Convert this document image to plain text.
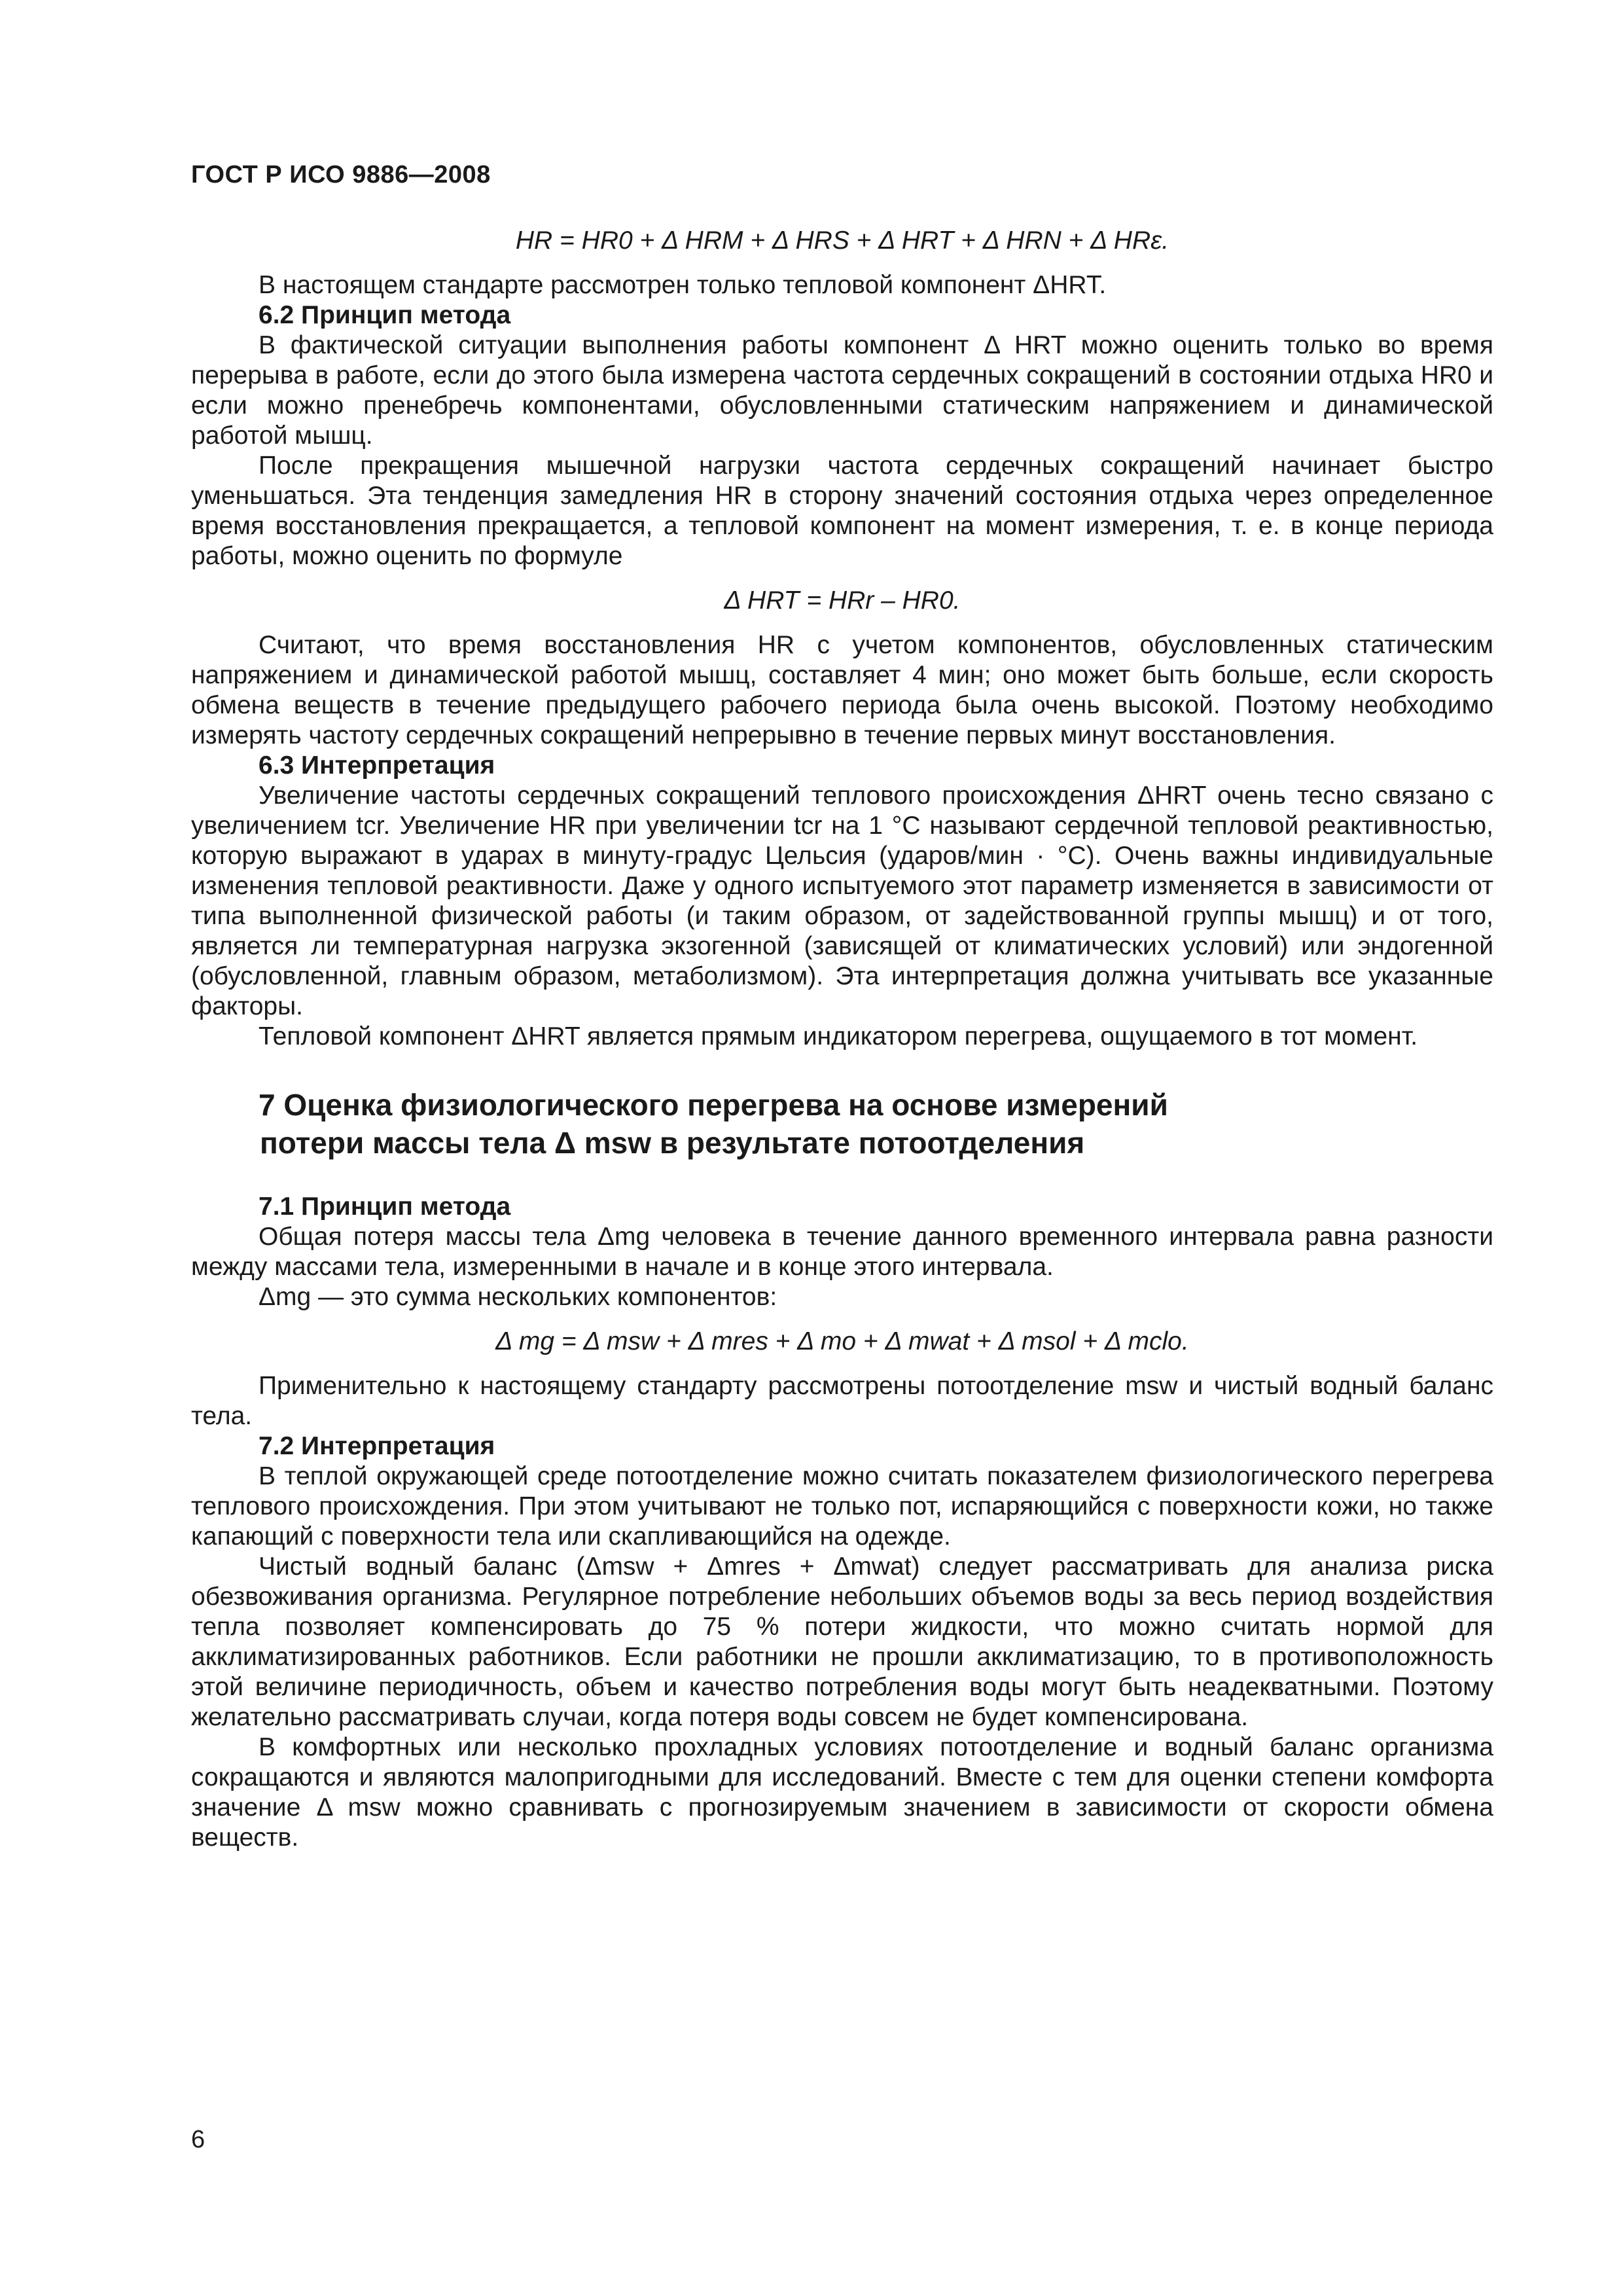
ГОСТ Р ИСО 9886—2008

HR = HR0 + Δ HRM + Δ HRS + Δ HRT + Δ HRN + Δ HRε.

В настоящем стандарте рассмотрен только тепловой компонент ΔHRT.

6.2 Принцип метода

В фактической ситуации выполнения работы компонент Δ HRT можно оценить только во время перерыва в работе, если до этого была измерена частота сердечных сокращений в состоянии отдыха HR0 и если можно пренебречь компонентами, обусловленными статическим напряжением и динамической работой мышц.

После прекращения мышечной нагрузки частота сердечных сокращений начинает быстро уменьшаться. Эта тенденция замедления HR в сторону значений состояния отдыха через определенное время восстановления прекращается, а тепловой компонент на момент измерения, т. е. в конце периода работы, можно оценить по формуле

Δ HRT = HRr – HR0.

Считают, что время восстановления HR с учетом компонентов, обусловленных статическим напряжением и динамической работой мышц, составляет 4 мин; оно может быть больше, если скорость обмена веществ в течение предыдущего рабочего периода была очень высокой. Поэтому необходимо измерять частоту сердечных сокращений непрерывно в течение первых минут восстановления.

6.3 Интерпретация

Увеличение частоты сердечных сокращений теплового происхождения ΔHRT очень тесно связано с увеличением tcr. Увеличение HR при увеличении tcr на 1 °C называют сердечной тепловой реактивностью, которую выражают в ударах в минуту-градус Цельсия (ударов/мин · °C). Очень важны индивидуальные изменения тепловой реактивности. Даже у одного испытуемого этот параметр изменяется в зависимости от типа выполненной физической работы (и таким образом, от задействованной группы мышц) и от того, является ли температурная нагрузка экзогенной (зависящей от климатических условий) или эндогенной (обусловленной, главным образом, метаболизмом). Эта интерпретация должна учитывать все указанные факторы.

Тепловой компонент ΔHRT является прямым индикатором перегрева, ощущаемого в тот момент.

7 Оценка физиологического перегрева на основе измерений
потери массы тела Δ msw в результате потоотделения

7.1 Принцип метода

Общая потеря массы тела Δmg человека в течение данного временного интервала равна разности между массами тела, измеренными в начале и в конце этого интервала.

Δmg — это сумма нескольких компонентов:

Δ mg = Δ msw + Δ mres + Δ mo + Δ mwat + Δ msol + Δ mclo.

Применительно к настоящему стандарту рассмотрены потоотделение msw и чистый водный баланс тела.

7.2 Интерпретация

В теплой окружающей среде потоотделение можно считать показателем физиологического перегрева теплового происхождения. При этом учитывают не только пот, испаряющийся с поверхности кожи, но также капающий с поверхности тела или скапливающийся на одежде.

Чистый водный баланс (Δmsw + Δmres + Δmwat) следует рассматривать для анализа риска обезвоживания организма. Регулярное потребление небольших объемов воды за весь период воздействия тепла позволяет компенсировать до 75 % потери жидкости, что можно считать нормой для акклиматизированных работников. Если работники не прошли акклиматизацию, то в противоположность этой величине периодичность, объем и качество потребления воды могут быть неадекватными. Поэтому желательно рассматривать случаи, когда потеря воды совсем не будет компенсирована.

В комфортных или несколько прохладных условиях потоотделение и водный баланс организма сокращаются и являются малопригодными для исследований. Вместе с тем для оценки степени комфорта значение Δ msw можно сравнивать с прогнозируемым значением в зависимости от скорости обмена веществ.

6
